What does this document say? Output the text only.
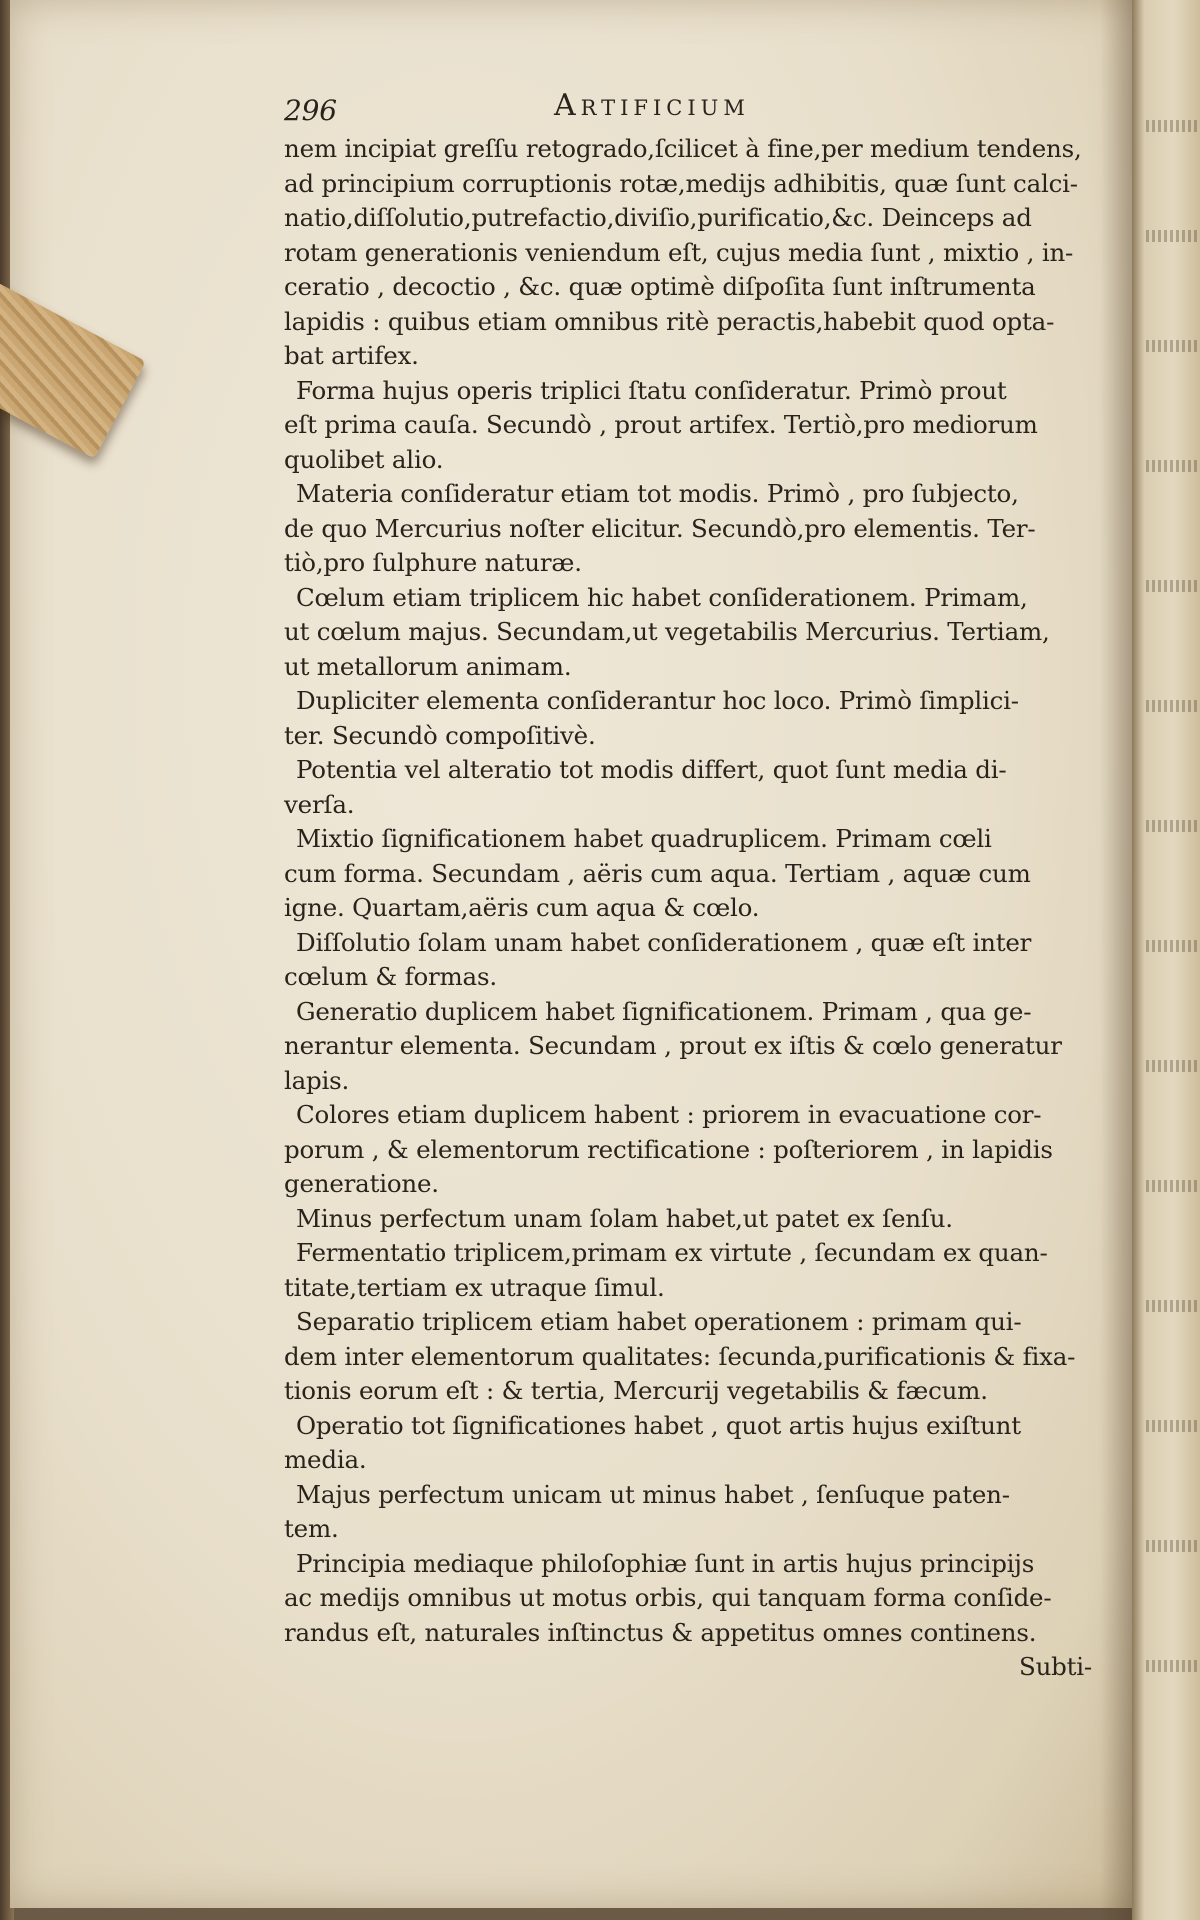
296	Artificium
nem incipiat greſſu retogrado,ſcilicet à fine,per medium tendens,
ad principium corruptionis rotæ,medijs adhibitis, quæ ſunt calci-
natio,diſſolutio,putrefactio,diviſio,purificatio,&c. Deinceps ad
rotam generationis veniendum eſt, cujus media ſunt , mixtio , in-
ceratio , decoctio , &c. quæ optimè diſpoſita ſunt inſtrumenta
lapidis : quibus etiam omnibus ritè peractis,habebit quod opta-
bat artifex.
Forma hujus operis triplici ſtatu conſideratur. Primò prout
eſt prima cauſa. Secundò , prout artifex. Tertiò,pro mediorum
quolibet alio.
Materia conſideratur etiam tot modis. Primò , pro ſubjecto,
de quo Mercurius noſter elicitur. Secundò,pro elementis. Ter-
tiò,pro ſulphure naturæ.
Cœlum etiam triplicem hic habet conſiderationem. Primam,
ut cœlum majus. Secundam,ut vegetabilis Mercurius. Tertiam,
ut metallorum animam.
Dupliciter elementa conſiderantur hoc loco. Primò ſimplici-
ter. Secundò compoſitivè.
Potentia vel alteratio tot modis differt, quot ſunt media di-
verſa.
Mixtio ſignificationem habet quadruplicem. Primam cœli
cum forma. Secundam , aëris cum aqua. Tertiam , aquæ cum
igne. Quartam,aëris cum aqua & cœlo.
Diſſolutio ſolam unam habet conſiderationem , quæ eſt inter
cœlum & formas.
Generatio duplicem habet ſignificationem. Primam , qua ge-
nerantur elementa. Secundam , prout ex iſtis & cœlo generatur
lapis.
Colores etiam duplicem habent : priorem in evacuatione cor-
porum , & elementorum rectificatione : poſteriorem , in lapidis
generatione.
Minus perfectum unam ſolam habet,ut patet ex ſenſu.
Fermentatio triplicem,primam ex virtute , ſecundam ex quan-
titate,tertiam ex utraque ſimul.
Separatio triplicem etiam habet operationem : primam qui-
dem inter elementorum qualitates: ſecunda,purificationis & fixa-
tionis eorum eſt : & tertia, Mercurij vegetabilis & fæcum.
Operatio tot ſignificationes habet , quot artis hujus exiſtunt
media.
Majus perfectum unicam ut minus habet , ſenſuque paten-
tem.
Principia mediaque philoſophiæ ſunt in artis hujus principijs
ac medijs omnibus ut motus orbis, qui tanquam forma conſide-
randus eſt, naturales inſtinctus & appetitus omnes continens.
Subti-
